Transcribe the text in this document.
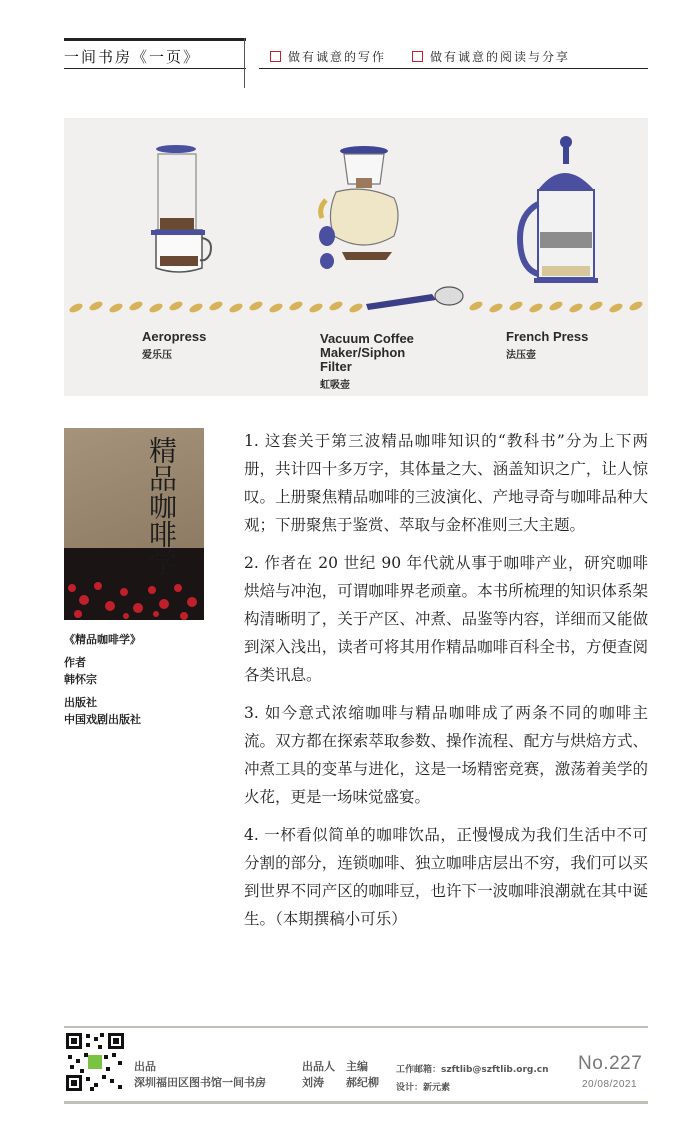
一间书房《一页》	做有诚意的写作	做有诚意的阅读与分享
Aeropress
爱乐压
Vacuum Coffee Maker/Siphon Filter
虹吸壶
French Press
法压壶
精品咖啡学
《精品咖啡学》
作者
韩怀宗
出版社
中国戏剧出版社

1. 这套关于第三波精品咖啡知识的“教科书”分为上下两册，共计四十多万字，其体量之大、涵盖知识之广，让人惊叹。上册聚焦精品咖啡的三波演化、产地寻奇与咖啡品种大观；下册聚焦于鉴赏、萃取与金杯准则三大主题。

2. 作者在 20 世纪 90 年代就从事于咖啡产业，研究咖啡烘焙与冲泡，可谓咖啡界老顽童。本书所梳理的知识体系架构清晰明了，关于产区、冲煮、品鉴等内容，详细而又能做到深入浅出，读者可将其用作精品咖啡百科全书，方便查阅各类讯息。

3. 如今意式浓缩咖啡与精品咖啡成了两条不同的咖啡主流。双方都在探索萃取参数、操作流程、配方与烘焙方式、冲煮工具的变革与进化，这是一场精密竞赛，激荡着美学的火花，更是一场味觉盛宴。

4. 一杯看似简单的咖啡饮品，正慢慢成为我们生活中不可分割的部分，连锁咖啡、独立咖啡店层出不穷，我们可以买到世界不同产区的咖啡豆，也许下一波咖啡浪潮就在其中诞生。（本期撰稿小可乐）

出品
深圳福田区图书馆一间书房
出品人
刘涛
主编
郝纪柳
工作邮箱：szftlib@szftlib.org.cn
设计：新元素
No.227
20/08/2021
